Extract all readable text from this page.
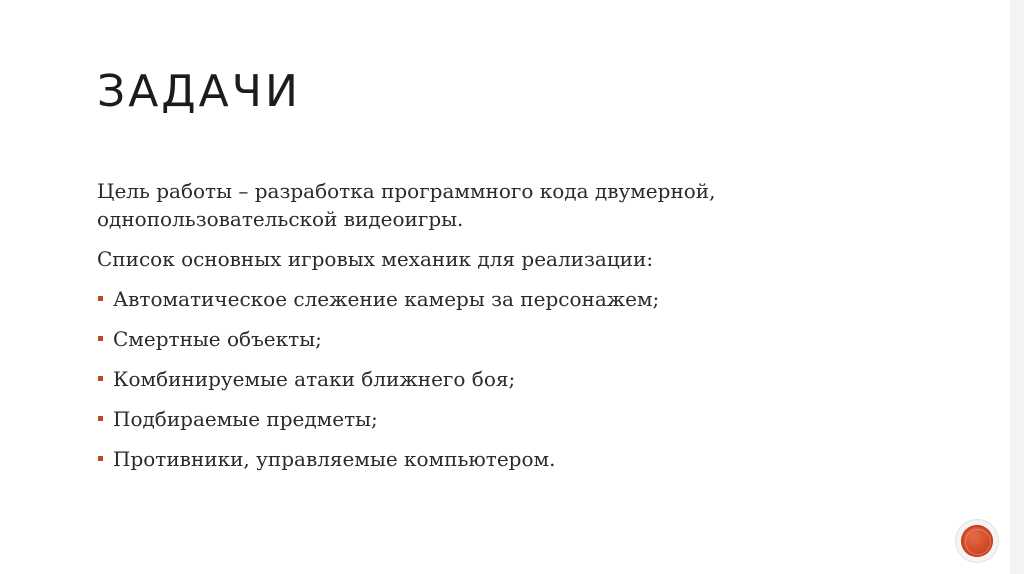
ЗАДАЧИ

Цель работы – разработка программного кода двумерной, однопользовательской видеоигры.

Список основных игровых механик для реализации:

Автоматическое слежение камеры за персонажем;
Смертные объекты;
Комбинируемые атаки ближнего боя;
Подбираемые предметы;
Противники, управляемые компьютером.
